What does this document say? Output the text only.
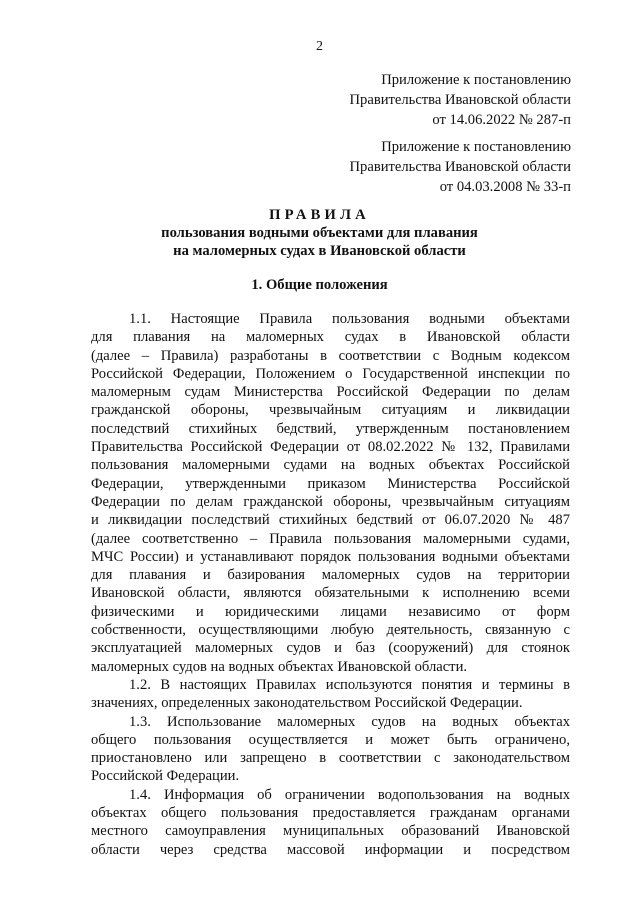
2
Приложение к постановлению
Правительства Ивановской области
от 14.06.2022 № 287-п
Приложение к постановлению
Правительства Ивановской области
от 04.03.2008 № 33-п
ПРАВИЛА
пользования водными объектами для плавания
на маломерных судах в Ивановской области
1. Общие положения
1.1. Настоящие Правила пользования водными объектами
для плавания на маломерных судах в Ивановской области
(далее – Правила) разработаны в соответствии с Водным кодексом
Российской Федерации, Положением о Государственной инспекции по
маломерным судам Министерства Российской Федерации по делам
гражданской обороны, чрезвычайным ситуациям и ликвидации
последствий стихийных бедствий, утвержденным постановлением
Правительства Российской Федерации от 08.02.2022 № 132, Правилами
пользования маломерными судами на водных объектах Российской
Федерации, утвержденными приказом Министерства Российской
Федерации по делам гражданской обороны, чрезвычайным ситуациям
и ликвидации последствий стихийных бедствий от 06.07.2020 № 487
(далее соответственно – Правила пользования маломерными судами,
МЧС России) и устанавливают порядок пользования водными объектами
для плавания и базирования маломерных судов на территории
Ивановской области, являются обязательными к исполнению всеми
физическими и юридическими лицами независимо от форм
собственности, осуществляющими любую деятельность, связанную с
эксплуатацией маломерных судов и баз (сооружений) для стоянок
маломерных судов на водных объектах Ивановской области.
1.2. В настоящих Правилах используются понятия и термины в
значениях, определенных законодательством Российской Федерации.
1.3. Использование маломерных судов на водных объектах
общего пользования осуществляется и может быть ограничено,
приостановлено или запрещено в соответствии с законодательством
Российской Федерации.
1.4. Информация об ограничении водопользования на водных
объектах общего пользования предоставляется гражданам органами
местного самоуправления муниципальных образований Ивановской
области через средства массовой информации и посредством
